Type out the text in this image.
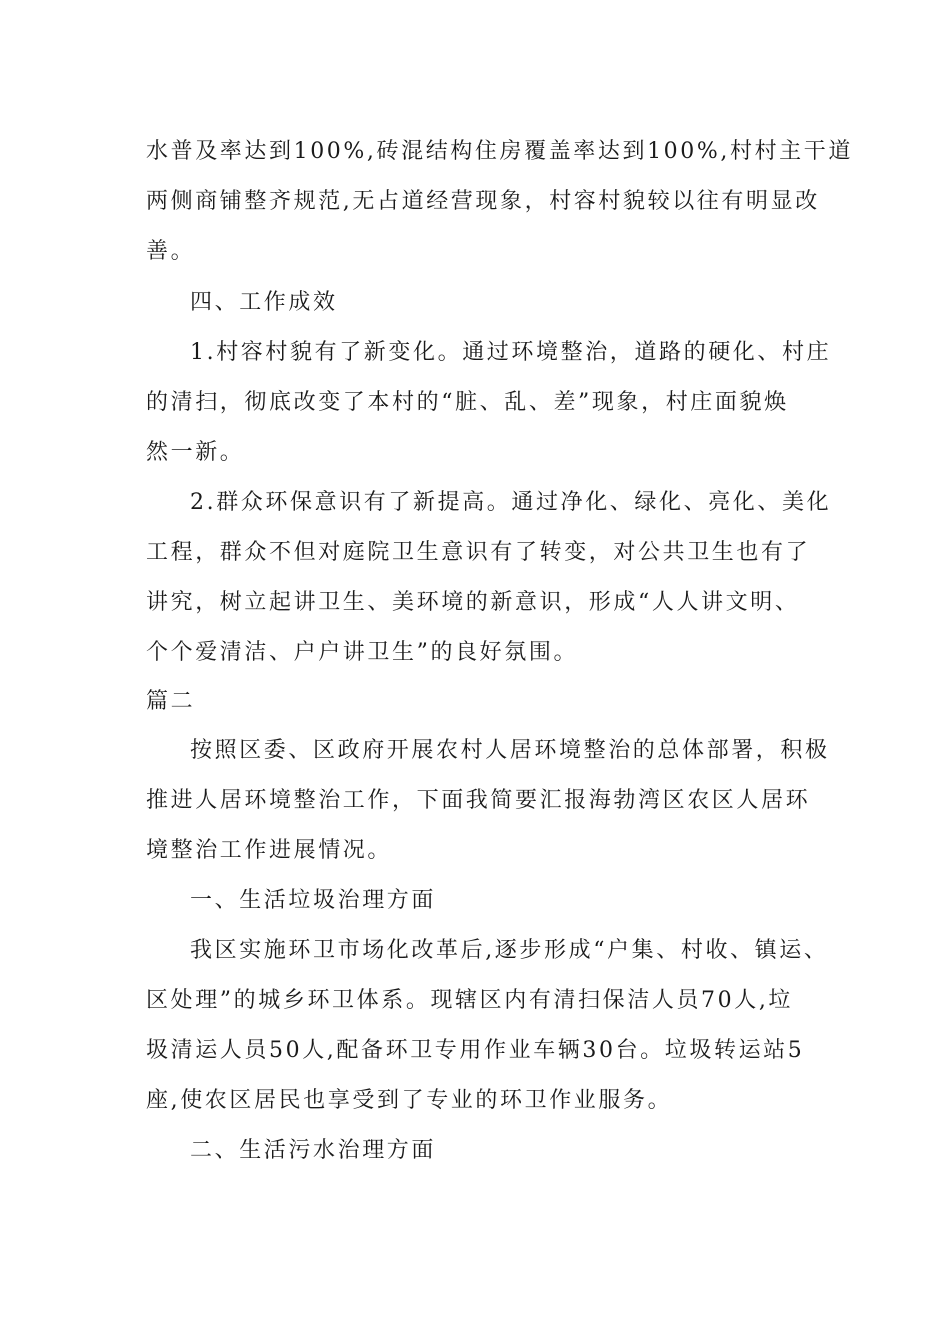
水普及率达到100%,砖混结构住房覆盖率达到100%,村村主干道
两侧商铺整齐规范,无占道经营现象，村容村貌较以往有明显改
善。
四、工作成效
1.村容村貌有了新变化。通过环境整治，道路的硬化、村庄
的清扫，彻底改变了本村的“脏、乱、差”现象，村庄面貌焕
然一新。
2.群众环保意识有了新提高。通过净化、绿化、亮化、美化
工程，群众不但对庭院卫生意识有了转变，对公共卫生也有了
讲究，树立起讲卫生、美环境的新意识，形成“人人讲文明、
个个爱清洁、户户讲卫生”的良好氛围。
篇二
按照区委、区政府开展农村人居环境整治的总体部署，积极
推进人居环境整治工作，下面我简要汇报海勃湾区农区人居环
境整治工作进展情况。
一、生活垃圾治理方面
我区实施环卫市场化改革后,逐步形成“户集、村收、镇运、
区处理”的城乡环卫体系。现辖区内有清扫保洁人员70人,垃
圾清运人员50人,配备环卫专用作业车辆30台。垃圾转运站5
座,使农区居民也享受到了专业的环卫作业服务。
二、生活污水治理方面
